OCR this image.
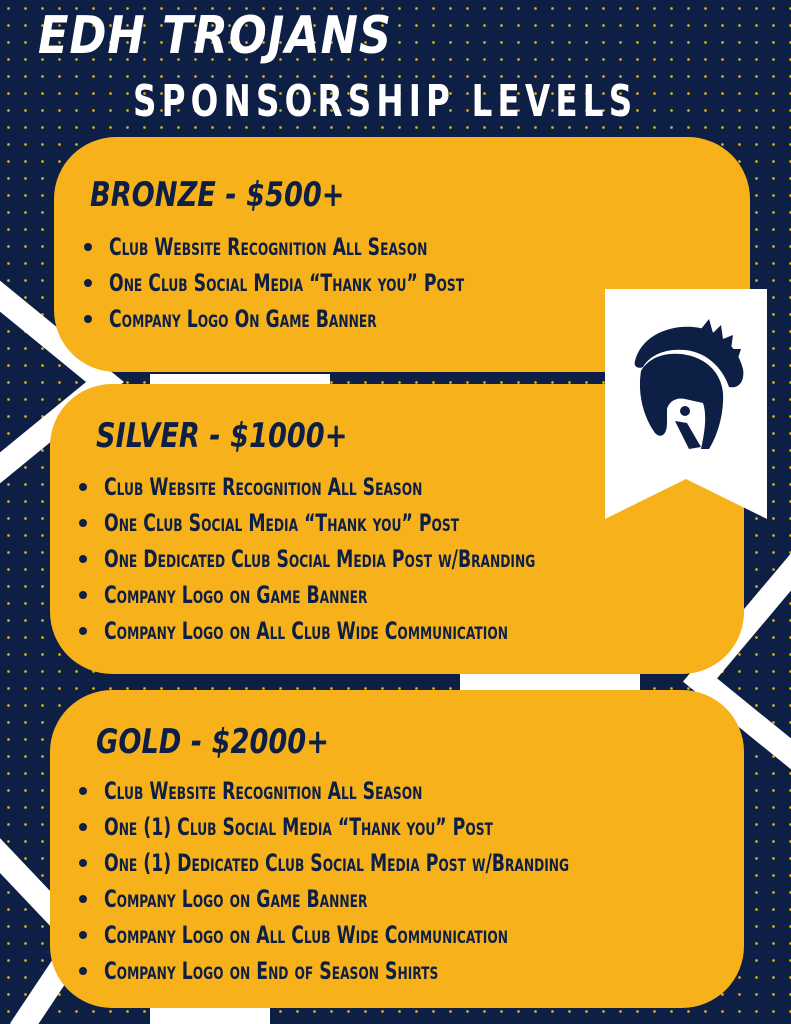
EDH TROJANS
SPONSORSHIP LEVELS
BRONZE - $500+
Club Website Recognition All Season
One Club Social Media “Thank you” Post
Company Logo On Game Banner
SILVER - $1000+
Club Website Recognition All Season
One Club Social Media “Thank you” Post
One Dedicated Club Social Media Post w/Branding
Company Logo on Game Banner
Company Logo on All Club Wide Communication
GOLD - $2000+
Club Website Recognition All Season
One (1) Club Social Media “Thank you” Post
One (1) Dedicated Club Social Media Post w/Branding
Company Logo on Game Banner
Company Logo on All Club Wide Communication
Company Logo on End of Season Shirts
